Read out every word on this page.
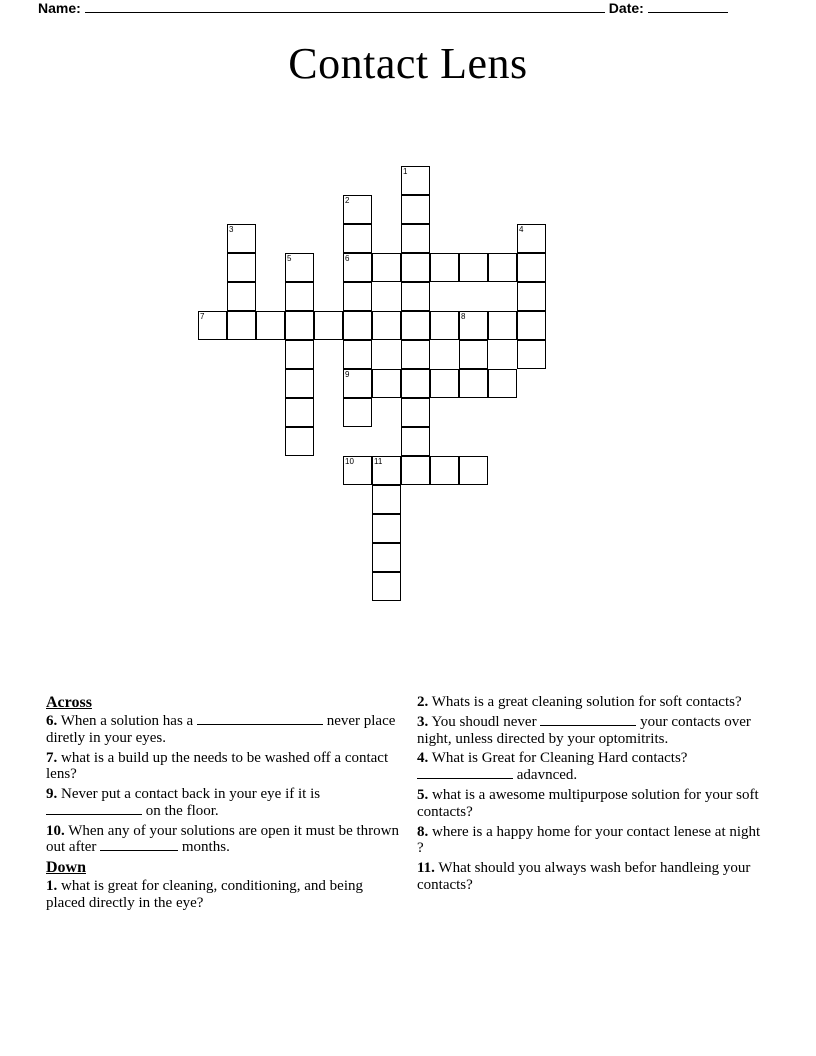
Name:	Date:
Contact Lens
1
2
3	4
5	6
7	8
9
10	11
Across

6. When a solution has a	never place diretly in your eyes.

7. what is a build up the needs to be washed off a contact lens?

9. Never put a contact back in your eye if it is  on the floor.

10. When any of your solutions are open it must be thrown out after	months.

Down

1. what is great for cleaning, conditioning, and being placed directly in the eye?

2. Whats is a great cleaning solution for soft contacts?

3. You shoudl never	your contacts over night, unless directed by your optomitrits.

4. What is Great for Cleaning Hard contacts?  adavnced.

5. what is a awesome multipurpose solution for your soft contacts?

8. where is a happy home for your contact lenese at night ?

11. What should you always wash befor handleing your contacts?
